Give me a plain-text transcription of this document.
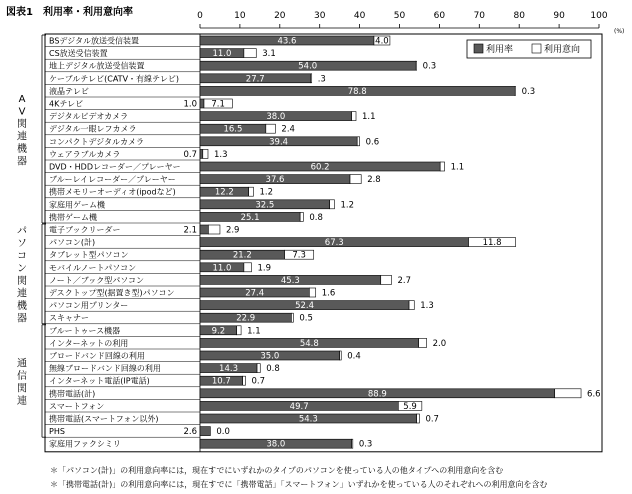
図表1　利用率・利用意向率	0	10	20	30	40	50	60	70	80	90	100
(%)
A V 関連機器
パソコン関連機器
通信関連
BSデジタル放送受信装置	43.6	4.0
CS放送受信装置	11.0	3.1
地上デジタル放送受信装置	54.0	0.3
ケーブルテレビ(CATV・有線テレビ)	27.7	.3
液晶テレビ	78.8	0.3
4Kテレビ	1.0 7.1
デジタルビデオカメラ	38.0	1.1
デジタル一眼レフカメラ	16.5	2.4
コンパクトデジタルカメラ	39.4	0.6
ウェアラブルカメラ	0.7 1.3
DVD・HDDレコーダー／プレーヤー	60.2	1.1
ブルーレイレコーダー／プレーヤー	37.6	2.8
携帯メモリーオーディオ(ipodなど)	12.2	1.2
家庭用ゲーム機	32.5	1.2
携帯ゲーム機	25.1	0.8
電子ブックリーダー	2.1	2.9
パソコン(計)	67.3	11.8
タブレット型パソコン	21.2	7.3
モバイルノートパソコン	11.0	1.9
ノート／ブック型パソコン	45.3	2.7
デスクトップ型(据置き型)パソコン	27.4	1.6
パソコン用プリンター	52.4	1.3
スキャナー	22.9	0.5
ブルートゥース機器	9.2	1.1
インターネットの利用	54.8	2.0
ブロードバンド回線の利用	35.0	0.4
無線ブロードバンド回線の利用	14.3	0.8
インターネット電話(IP電話)	10.7 0.7
携帯電話(計)	88.9	6.6
スマートフォン	49.7	5.9
携帯電話(スマートフォン以外)	54.3	0.7
PHS	2.6 0.0
家庭用ファクシミリ	38.0	0.3
利用率	利用意向
＊「パソコン(計)」の利用意向率には，現在すでにいずれかのタイプのパソコンを使っている人の他タイプへの利用意向を含む
＊「携帯電話(計)」の利用意向率には，現在すでに「携帯電話」「スマートフォン」いずれかを使っている人のそれぞれへの利用意向を含む
